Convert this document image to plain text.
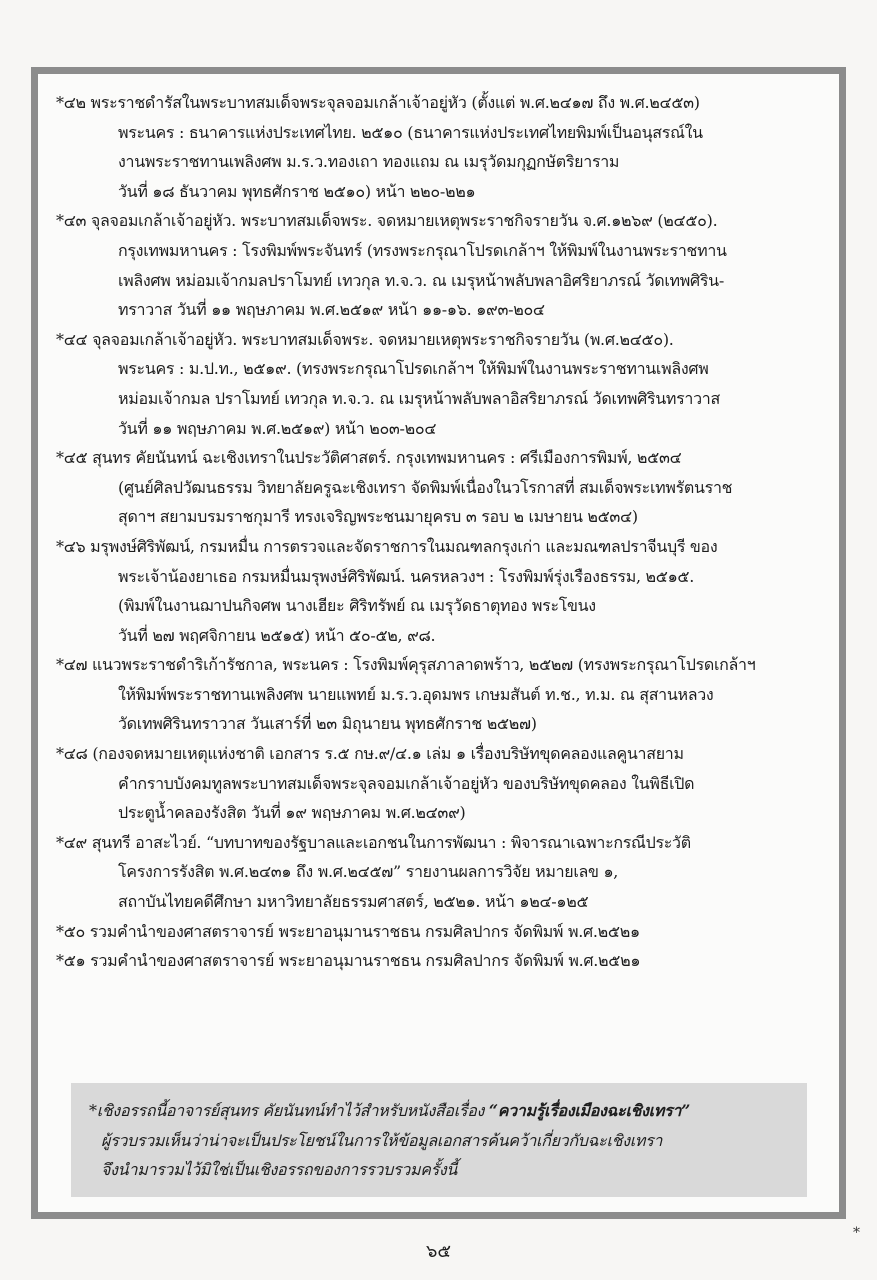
*๔๒ พระราชดำรัสในพระบาทสมเด็จพระจุลจอมเกล้าเจ้าอยู่หัว (ตั้งแต่ พ.ศ.๒๔๑๗ ถึง พ.ศ.๒๔๕๓)
พระนคร : ธนาคารแห่งประเทศไทย. ๒๕๑๐ (ธนาคารแห่งประเทศไทยพิมพ์เป็นอนุสรณ์ใน
งานพระราชทานเพลิงศพ ม.ร.ว.ทองเถา ทองแถม ณ เมรุวัดมกุฏกษัตริยาราม
วันที่ ๑๘ ธันวาคม พุทธศักราช ๒๕๑๐) หน้า ๒๒๐-๒๒๑
*๔๓ จุลจอมเกล้าเจ้าอยู่หัว. พระบาทสมเด็จพระ. จดหมายเหตุพระราชกิจรายวัน จ.ศ.๑๒๖๙ (๒๔๕๐).
กรุงเทพมหานคร : โรงพิมพ์พระจันทร์ (ทรงพระกรุณาโปรดเกล้าฯ ให้พิมพ์ในงานพระราชทาน
เพลิงศพ หม่อมเจ้ากมลปราโมทย์ เทวกุล ท.จ.ว. ณ เมรุหน้าพลับพลาอิศริยาภรณ์ วัดเทพศิริน-
ทราวาส วันที่ ๑๑ พฤษภาคม พ.ศ.๒๕๑๙ หน้า ๑๑-๑๖. ๑๙๓-๒๐๔
*๔๔ จุลจอมเกล้าเจ้าอยู่หัว. พระบาทสมเด็จพระ. จดหมายเหตุพระราชกิจรายวัน (พ.ศ.๒๔๕๐).
พระนคร : ม.ป.ท., ๒๕๑๙. (ทรงพระกรุณาโปรดเกล้าฯ ให้พิมพ์ในงานพระราชทานเพลิงศพ
หม่อมเจ้ากมล ปราโมทย์ เทวกุล ท.จ.ว. ณ เมรุหน้าพลับพลาอิสริยาภรณ์ วัดเทพศิรินทราวาส
วันที่ ๑๑ พฤษภาคม พ.ศ.๒๕๑๙) หน้า ๒๐๓-๒๐๔
*๔๕ สุนทร คัยนันทน์ ฉะเชิงเทราในประวัติศาสตร์. กรุงเทพมหานคร : ศรีเมืองการพิมพ์, ๒๕๓๔
(ศูนย์ศิลปวัฒนธรรม วิทยาลัยครูฉะเชิงเทรา จัดพิมพ์เนื่องในวโรกาสที่ สมเด็จพระเทพรัตนราช
สุดาฯ สยามบรมราชกุมารี ทรงเจริญพระชนมายุครบ ๓ รอบ ๒ เมษายน ๒๕๓๔)
*๔๖ มรุพงษ์ศิริพัฒน์, กรมหมื่น การตรวจและจัดราชการในมณฑลกรุงเก่า และมณฑลปราจีนบุรี ของ
พระเจ้าน้องยาเธอ กรมหมื่นมรุพงษ์ศิริพัฒน์. นครหลวงฯ : โรงพิมพ์รุ่งเรืองธรรม, ๒๕๑๕.
(พิมพ์ในงานฌาปนกิจศพ นางเฮียะ ศิริทรัพย์ ณ เมรุวัดธาตุทอง พระโขนง
วันที่ ๒๗ พฤศจิกายน ๒๕๑๕) หน้า ๕๐-๕๒, ๙๘.
*๔๗ แนวพระราชดำริเก้ารัชกาล, พระนคร : โรงพิมพ์คุรุสภาลาดพร้าว, ๒๕๒๗ (ทรงพระกรุณาโปรดเกล้าฯ
ให้พิมพ์พระราชทานเพลิงศพ นายแพทย์ ม.ร.ว.อุดมพร เกษมสันต์ ท.ช., ท.ม. ณ สุสานหลวง
วัดเทพศิรินทราวาส วันเสาร์ที่ ๒๓ มิถุนายน พุทธศักราช ๒๕๒๗)
*๔๘ (กองจดหมายเหตุแห่งชาติ เอกสาร ร.๕ กษ.๙/๔.๑ เล่ม ๑ เรื่องบริษัทขุดคลองแลคูนาสยาม
คำกราบบังคมทูลพระบาทสมเด็จพระจุลจอมเกล้าเจ้าอยู่หัว ของบริษัทขุดคลอง ในพิธีเปิด
ประตูน้ำคลองรังสิต วันที่ ๑๙ พฤษภาคม พ.ศ.๒๔๓๙)
*๔๙ สุนทรี อาสะไวย์. “บทบาทของรัฐบาลและเอกชนในการพัฒนา : พิจารณาเฉพาะกรณีประวัติ
โครงการรังสิต พ.ศ.๒๔๓๑ ถึง พ.ศ.๒๔๕๗” รายงานผลการวิจัย หมายเลข ๑,
สถาบันไทยคดีศึกษา มหาวิทยาลัยธรรมศาสตร์, ๒๕๒๑. หน้า ๑๒๔-๑๒๕
*๕๐ รวมคำนำของศาสตราจารย์ พระยาอนุมานราชธน กรมศิลปากร จัดพิมพ์ พ.ศ.๒๕๒๑
*๕๑ รวมคำนำของศาสตราจารย์ พระยาอนุมานราชธน กรมศิลปากร จัดพิมพ์ พ.ศ.๒๕๒๑
*เชิงอรรถนี้อาจารย์สุนทร คัยนันทน์ทำไว้สำหรับหนังสือเรื่อง “ความรู้เรื่องเมืองฉะเชิงเทรา”
ผู้รวบรวมเห็นว่าน่าจะเป็นประโยชน์ในการให้ข้อมูลเอกสารค้นคว้าเกี่ยวกับฉะเชิงเทรา
จึงนำมารวมไว้มิใช่เป็นเชิงอรรถของการรวบรวมครั้งนี้
๖๕
*
